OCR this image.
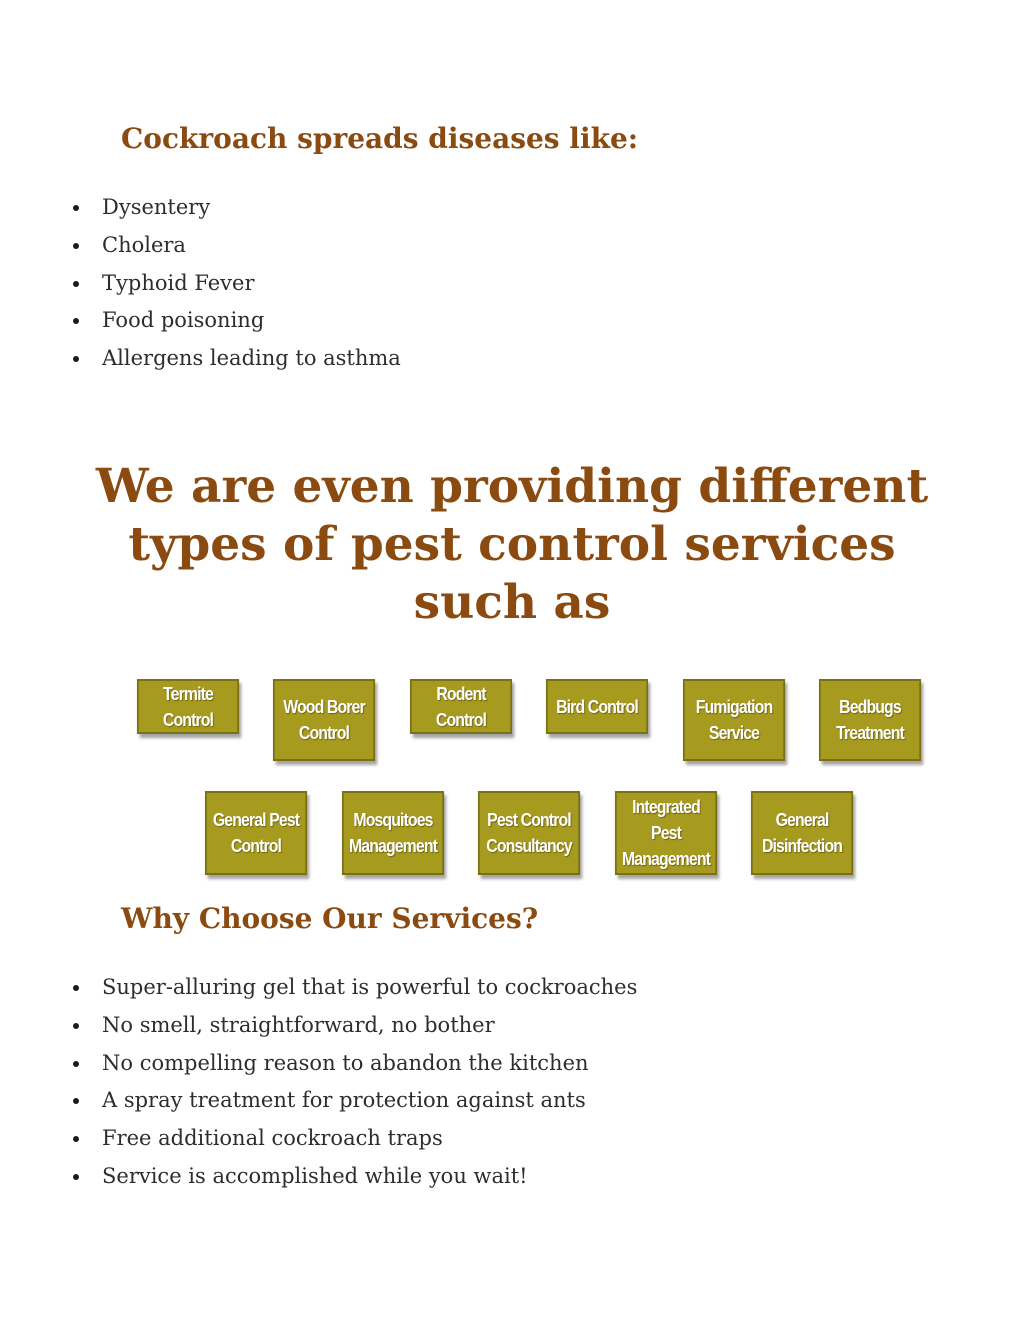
Cockroach spreads diseases like:
Dysentery
Cholera
Typhoid Fever
Food poisoning
Allergens leading to asthma
We are even providing different
types of pest control services
such as
Termite Control
Wood Borer
Control
Rodent Control
Bird Control	Fumigation
Service
Bedbugs
Treatment
General Pest
Control
Mosquitoes
Management
Pest Control
Consultancy
Integrated Pest
Management
General
Disinfection
Why Choose Our Services?
Super-alluring gel that is powerful to cockroaches
No smell, straightforward, no bother
No compelling reason to abandon the kitchen
A spray treatment for protection against ants
Free additional cockroach traps
Service is accomplished while you wait!
